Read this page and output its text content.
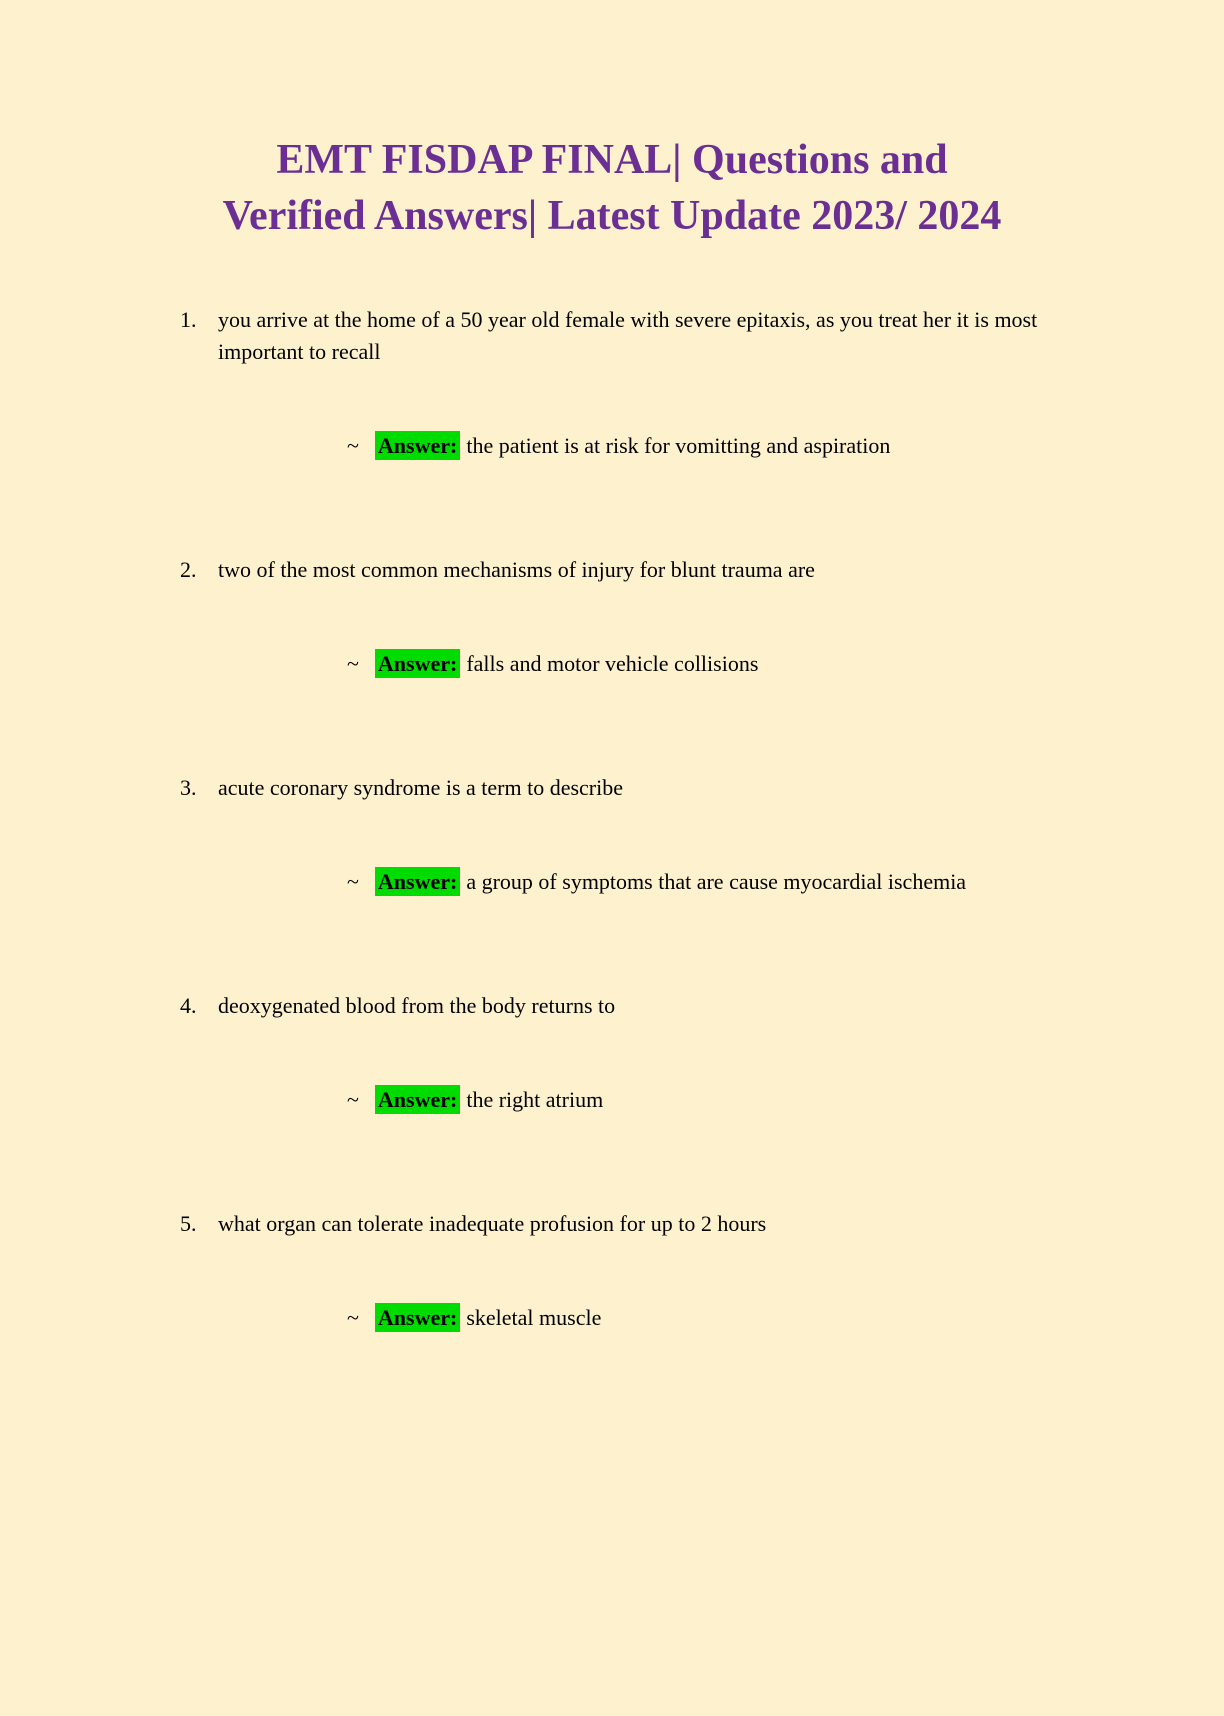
EMT FISDAP FINAL| Questions and
Verified Answers| Latest Update 2023/ 2024
1. you arrive at the home of a 50 year old female with severe epitaxis, as you treat her it is most important to recall
~ Answer: the patient is at risk for vomitting and aspiration
2. two of the most common mechanisms of injury for blunt trauma are
~ Answer: falls and motor vehicle collisions
3. acute coronary syndrome is a term to describe
~ Answer: a group of symptoms that are cause myocardial ischemia
4. deoxygenated blood from the body returns to
~ Answer: the right atrium
5. what organ can tolerate inadequate profusion for up to 2 hours
~ Answer: skeletal muscle
